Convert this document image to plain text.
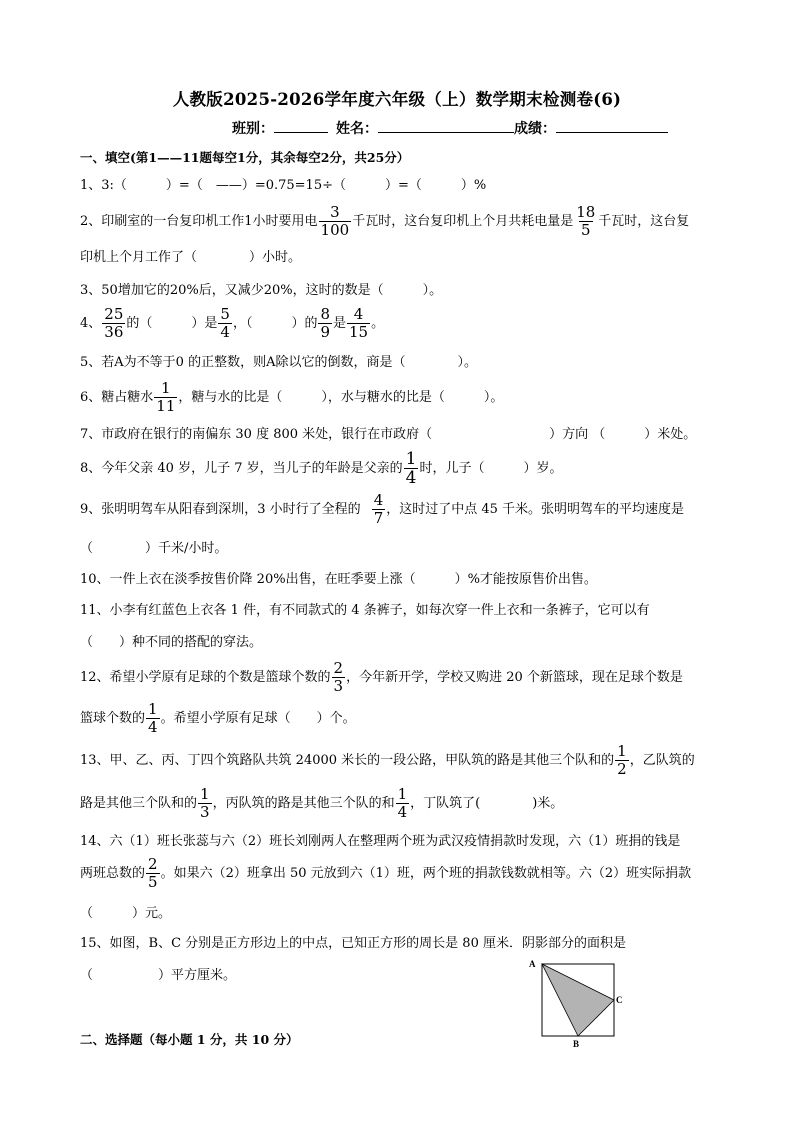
人教版2025-2026学年度六年级（上）数学期末检测卷(6)
班别：	姓名：	成绩：
一、填空(第1——11题每空1分，其余每空2分，共25分）
1、3:（　　　）=（　——）=0.75=15÷（　　　）=（　　　）%
2、印刷室的一台复印机工作1小时要用电 $\frac{3}{100}$ 千瓦时，这台复印机上个月共耗电量是 $\frac{18}{5}$ 千瓦时，这台复
印机上个月工作了（　　　　）小时。
3、50增加它的20%后，又减少20%，这时的数是（　　　）。
4、 $\frac{25}{36}$ 的（　　　）是 $\frac{5}{4}$ ，（　　　）的 $\frac{8}{9}$ 是 $\frac{4}{15}$ 。
5、若A为不等于0 的正整数，则A除以它的倒数，商是（　　　　）。
6、糖占糖水 $\frac{1}{11}$ ，糖与水的比是（　　　），水与糖水的比是（　　　）。
7、市政府在银行的南偏东 30 度 800 米处，银行在市政府（　　　　　　　　　）方向 （　　　）米处。
8、今年父亲 40 岁，儿子 7 岁，当儿子的年龄是父亲的 $\frac{1}{4}$ 时，儿子（　　　）岁。
9、张明明驾车从阳春到深圳，3 小时行了全程的 $\frac{4}{7}$ ，这时过了中点 45 千米。张明明驾车的平均速度是
（　　　　）千米/小时。
10、一件上衣在淡季按售价降 20%出售，在旺季要上涨（　　　）%才能按原售价出售。
11、小李有红蓝色上衣各 1 件，有不同款式的 4 条裤子，如每次穿一件上衣和一条裤子，它可以有
（　　）种不同的搭配的穿法。
12、希望小学原有足球的个数是篮球个数的 $\frac{2}{3}$ ，今年新开学，学校又购进 20 个新篮球，现在足球个数是
篮球个数的 $\frac{1}{4}$ 。希望小学原有足球（　　）个。
13、甲、乙、丙、丁四个筑路队共筑 24000 米长的一段公路，甲队筑的路是其他三个队和的 $\frac{1}{2}$ ，乙队筑的
路是其他三个队和的 $\frac{1}{3}$ ，丙队筑的路是其他三个队的和 $\frac{1}{4}$ ，丁队筑了(　　　　)米。
14、六（1）班长张蕊与六（2）班长刘刚两人在整理两个班为武汉疫情捐款时发现，六（1）班捐的钱是
两班总数的 $\frac{2}{5}$ 。如果六（2）班拿出 50 元放到六（1）班，两个班的捐款钱数就相等。六（2）班实际捐款
（　　　）元。
15、如图，B、C 分别是正方形边上的中点，已知正方形的周长是 80 厘米．阴影部分的面积是
（　　　　　）平方厘米。
A
C
B
二、选择题（每小题 1 分，共 10 分）
